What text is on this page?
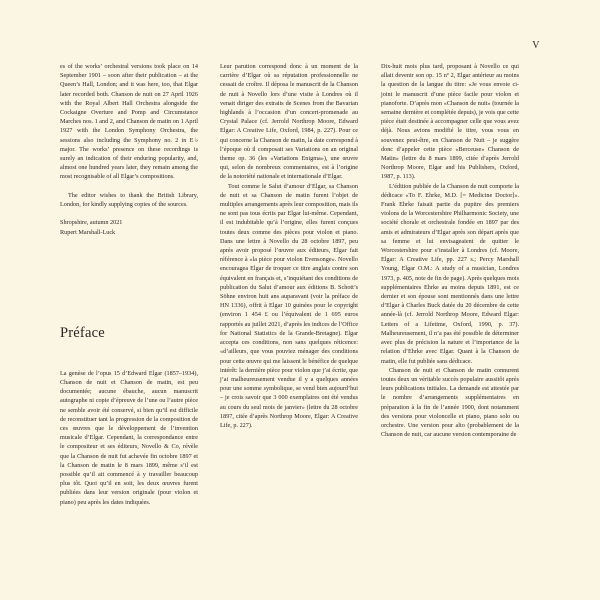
V

es of the works’ orchestral versions took place on 14 September 1901 – soon after their publication – at the Queen’s Hall, London; and it was here, too, that Elgar later recorded both. Chanson de nuit on 27 April 1926 with the Royal Albert Hall Orchestra alongside the Cockaigne Overture and Pomp and Circumstance Marches nos. 1 and 2, and Chanson de matin on 1 April 1927 with the London Symphony Orchestra, the sessions also including the Symphony no. 2 in E♭ major. The works’ presence on these recordings is surely an indication of their enduring popularity, and, almost one hundred years later, they remain among the most recognisable of all Elgar’s compositions.

The editor wishes to thank the British Library, London, for kindly supplying copies of the sources.

Shropshire, autumn 2021

Rupert Marshall-Luck

Préface

La genèse de l’opus 15 d’Edward Elgar (1857–1934), Chanson de nuit et Chanson de matin, est peu documentée; aucune ébauche, aucun manuscrit autographe ni copie d’épreuve de l’une ou l’autre pièce ne semble avoir été conservé, si bien qu’il est difficile de reconstituer tant la progression de la composition de ces œuvres que le développement de l’invention musicale d’Elgar. Cependant, la correspondance entre le compositeur et ses éditeurs, Novello & Co, révèle que la Chanson de nuit fut achevée fin octobre 1897 et la Chanson de matin le 8 mars 1899, même s’il est possible qu’il ait commencé à y travailler beaucoup plus tôt. Quoi qu’il en soit, les deux œuvres furent publiées dans leur version originale (pour violon et piano) peu après les dates indiquées.

Leur parution correspond donc à un moment de la carrière d’Elgar où sa réputation professionnelle ne cessait de croître. Il déposa le manuscrit de la Chanson de nuit à Novello lors d’une visite à Londres où il venait diriger des extraits de Scenes from the Bavarian highlands à l’occasion d’un concert-promenade au Crystal Palace (cf. Jerrold Northrop Moore, Edward Elgar: A Creative Life, Oxford, 1984, p. 227). Pour ce qui concerne la Chanson de matin, la date correspond à l’époque où il composait ses Variations on an original theme op. 36 (les «Variations Enigma»), une œuvre qui, selon de nombreux commentaires, est à l’origine de la notoriété nationale et internationale d’Elgar.

Tout comme le Salut d’amour d’Elgar, sa Chanson de nuit et sa Chanson de matin furent l’objet de multiples arrangements après leur composition, mais ils ne sont pas tous écrits par Elgar lui-même. Cependant, il est indubitable qu’à l’origine, elles furent conçues toutes deux comme des pièces pour violon et piano. Dans une lettre à Novello du 28 octobre 1897, peu après avoir proposé l’œuvre aux éditeurs, Elgar fait référence à «la pièce pour violon Evensonge». Novello encouragea Elgar de troquer ce titre anglais contre son équivalent en français et, s’inquiétant des conditions de publication du Salut d’amour aux éditions B. Schott’s Söhne environ huit ans auparavant (voir la préface de HN 1336), offrit à Elgar 10 guinées pour le copyright (environ 1 454 £ ou l’équivalent de 1 695 euros rapportés au juillet 2021, d’après les indices de l’Office for National Statistics de la Grande-Bretagne). Elgar accepta ces conditions, non sans quelques réticence: «d’ailleurs, que vous pouviez ménager des conditions pour cette œuvre qui me laissent le bénéfice de quelque intérêt: la dernière pièce pour violon que j’ai écrite, que j’ai malheureusement vendue il y a quelques années pour une somme symbolique, se vend bien aujourd’hui – je crois savoir que 3 000 exemplaires ont été vendus au cours du seul mois de janvier» (lettre du 28 octobre 1897, citée d’après Northrop Moore, Elgar: A Creative Life, p. 227).

Dix-huit mois plus tard, proposant à Novello ce qui allait devenir son op. 15 nº 2, Elgar antérieur au moins la question de la langue du titre: «Je vous envoie ci-joint le manuscrit d’une pièce facile pour violon et pianoforte. D’après mon «Chanson de nuit» (tournée la semaine dernière et complétée depuis), je vois que cette pièce était destinée à accompagner celle que vous avez déjà. Nous avions modifié le titre, vous vous en souvenez peut-être, en Chanson de Nuit – je suggère donc d’appeler cette pièce «Berceuse» Chanson de Matin» (lettre du 8 mars 1899, citée d’après Jerrold Northrop Moore, Elgar and his Publishers, Oxford, 1987, p. 113).

L’édition publiée de la Chanson de nuit comporte la dédicace «To F. Ehrke, M.D. [= Medicine Doctor]». Frank Ehrke faisait partie du pupitre des premiers violons de la Worcestershire Philharmonic Society, une société chorale et orchestrale fondée en 1897 par des amis et admirateurs d’Elgar après son départ après que sa femme et lui envisageaient de quitter le Worcestershire pour s’installer à Londres (cf. Moore, Elgar: A Creative Life, pp. 227 s.; Percy Marshall Young, Elgar O.M.: A study of a musician, Londres 1973, p. 405, note de fin de page). Après quelques mois supplémentaires Ehrke au moins depuis 1891, est ce dernier et son épouse sont mentionnés dans une lettre d’Elgar à Charles Buck datée du 20 décembre de cette année-là (cf. Jerrold Northrop Moore, Edward Elgar: Letters of a Lifetime, Oxford, 1990, p. 37). Malheureusement, il n’a pas été possible de déterminer avec plus de précision la nature et l’importance de la relation d’Ehrke avec Elgar. Quant à la Chanson de matin, elle fut publiée sans dédicace.

Chanson de nuit et Chanson de matin connurent toutes deux un véritable succès populaire aussitôt après leurs publications initiales. La demande est attestée par le nombre d’arrangements supplémentaires en préparation à la fin de l’année 1900, dont notamment des versions pour violoncelle et piano, piano solo ou orchestre. Une version pour alto (probablement de la Chanson de nuit, car aucune version contemporaine de
